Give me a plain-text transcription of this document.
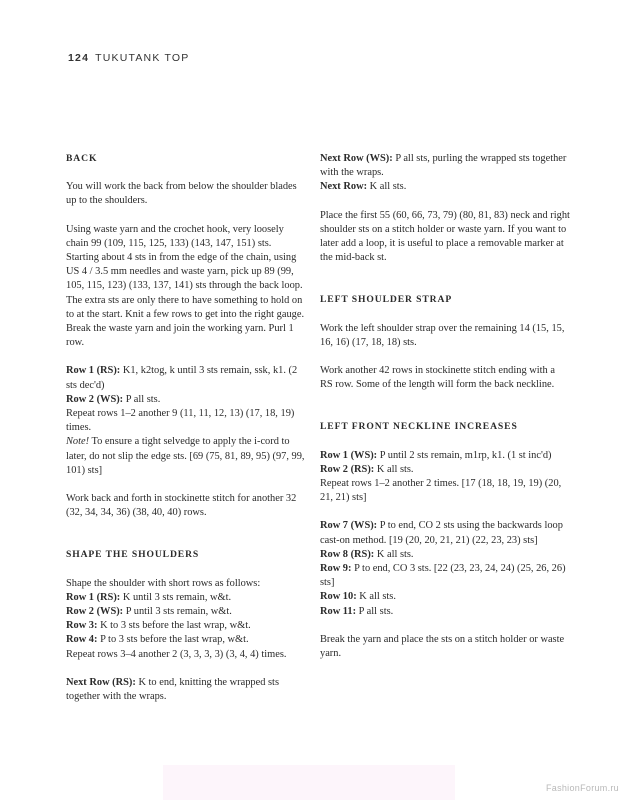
124 TUKUTANK TOP
BACK

You will work the back from below the shoulder blades up to the shoulders.

Using waste yarn and the crochet hook, very loosely chain 99 (109, 115, 125, 133) (143, 147, 151) sts. Starting about 4 sts in from the edge of the chain, using US 4 / 3.5 mm needles and waste yarn, pick up 89 (99, 105, 115, 123) (133, 137, 141) sts through the back loop. The extra sts are only there to have something to hold on to at the start. Knit a few rows to get into the right gauge. Break the waste yarn and join the working yarn. Purl 1 row.

Row 1 (RS): K1, k2tog, k until 3 sts remain, ssk, k1. (2 sts dec'd)
Row 2 (WS): P all sts.
Repeat rows 1–2 another 9 (11, 11, 12, 13) (17, 18, 19) times.
Note! To ensure a tight selvedge to apply the i-cord to later, do not slip the edge sts. [69 (75, 81, 89, 95) (97, 99, 101) sts]

Work back and forth in stockinette stitch for another 32 (32, 34, 34, 36) (38, 40, 40) rows.

SHAPE THE SHOULDERS

Shape the shoulder with short rows as follows:
Row 1 (RS): K until 3 sts remain, w&t.
Row 2 (WS): P until 3 sts remain, w&t.
Row 3: K to 3 sts before the last wrap, w&t.
Row 4: P to 3 sts before the last wrap, w&t.
Repeat rows 3–4 another 2 (3, 3, 3, 3) (3, 4, 4) times.

Next Row (RS): K to end, knitting the wrapped sts together with the wraps.

Next Row (WS): P all sts, purling the wrapped sts together with the wraps.
Next Row: K all sts.

Place the first 55 (60, 66, 73, 79) (80, 81, 83) neck and right shoulder sts on a stitch holder or waste yarn. If you want to later add a loop, it is useful to place a removable marker at the mid-back st.

LEFT SHOULDER STRAP

Work the left shoulder strap over the remaining 14 (15, 15, 16, 16) (17, 18, 18) sts.

Work another 42 rows in stockinette stitch ending with a RS row. Some of the length will form the back neckline.

LEFT FRONT NECKLINE INCREASES

Row 1 (WS): P until 2 sts remain, m1rp, k1. (1 st inc'd)
Row 2 (RS): K all sts.
Repeat rows 1–2 another 2 times. [17 (18, 18, 19, 19) (20, 21, 21) sts]

Row 7 (WS): P to end, CO 2 sts using the backwards loop cast-on method. [19 (20, 20, 21, 21) (22, 23, 23) sts]
Row 8 (RS): K all sts.
Row 9: P to end, CO 3 sts. [22 (23, 23, 24, 24) (25, 26, 26) sts]
Row 10: K all sts.
Row 11: P all sts.

Break the yarn and place the sts on a stitch holder or waste yarn.

FashionForum.ru
